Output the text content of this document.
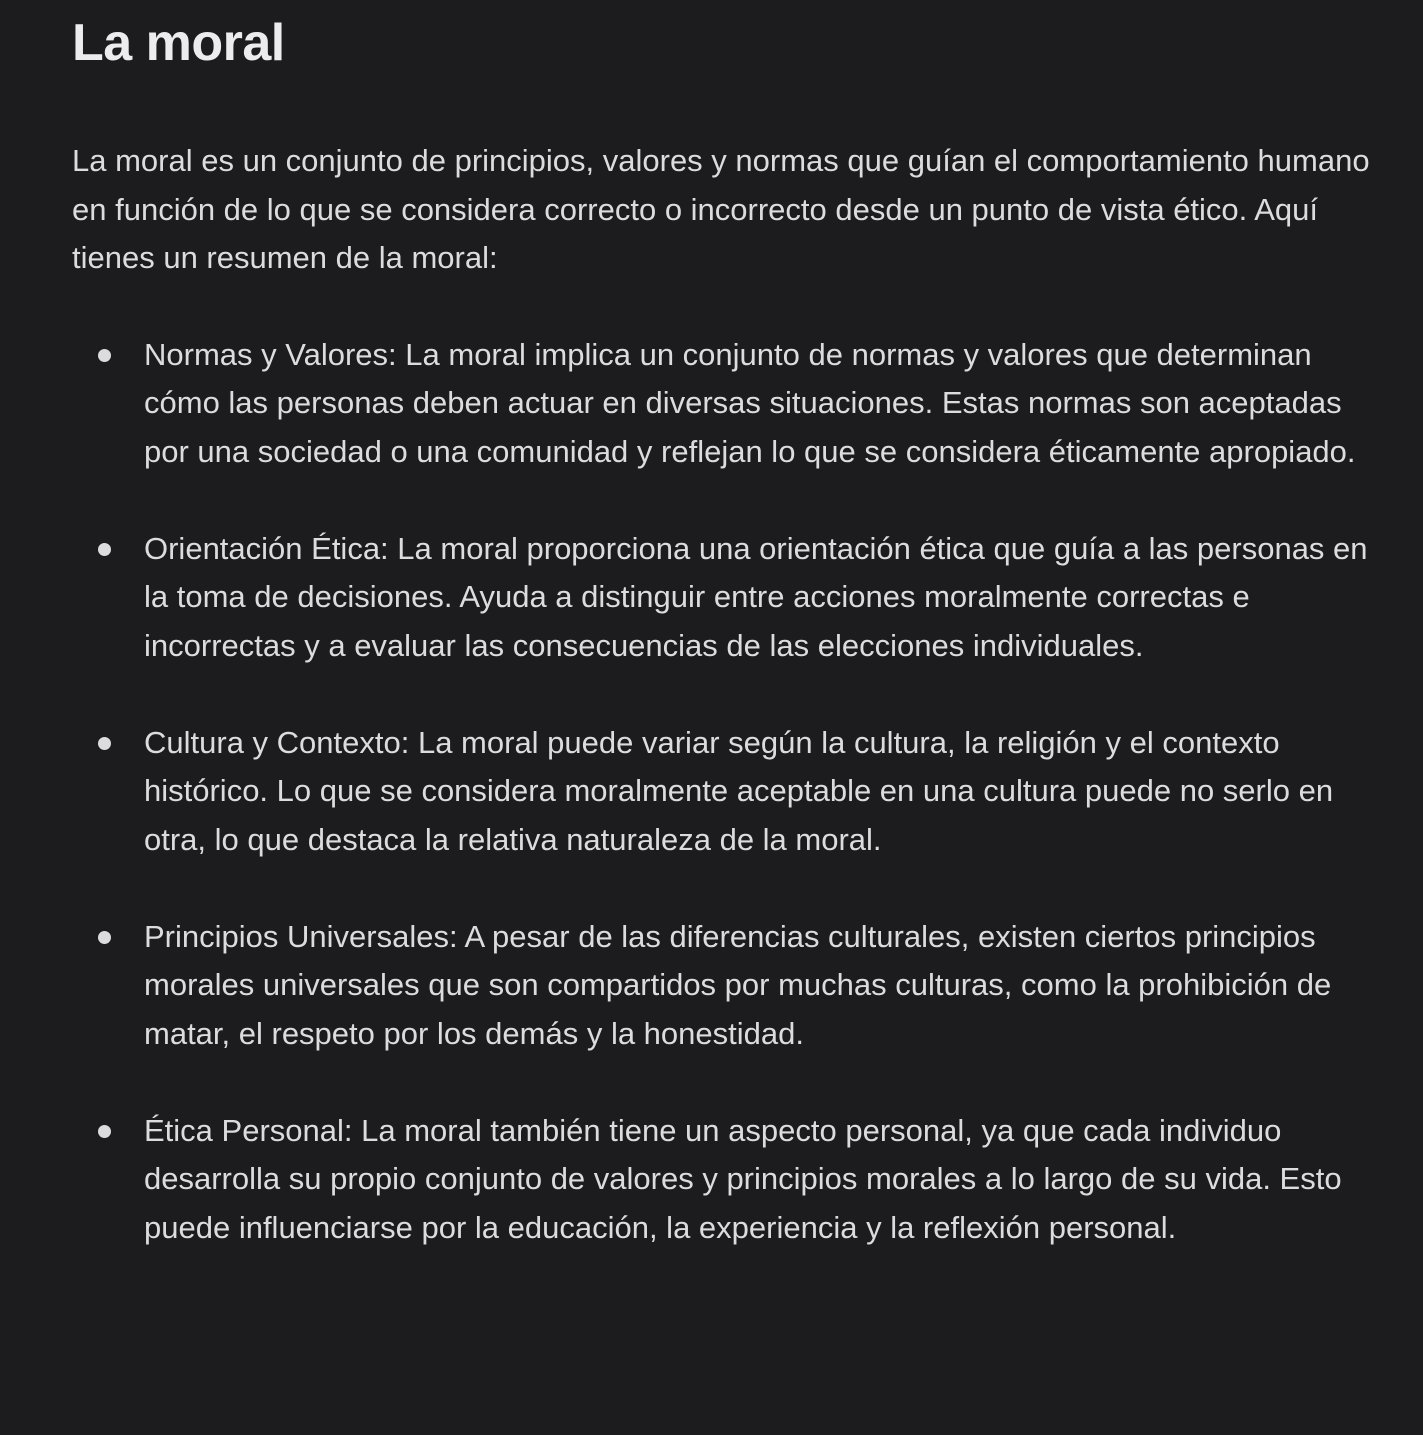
La moral

La moral es un conjunto de principios, valores y normas que guían el comportamiento humano en función de lo que se considera correcto o incorrecto desde un punto de vista ético. Aquí tienes un resumen de la moral:

Normas y Valores: La moral implica un conjunto de normas y valores que determinan cómo las personas deben actuar en diversas situaciones. Estas normas son aceptadas por una sociedad o una comunidad y reflejan lo que se considera éticamente apropiado.
Orientación Ética: La moral proporciona una orientación ética que guía a las personas en la toma de decisiones. Ayuda a distinguir entre acciones moralmente correctas e incorrectas y a evaluar las consecuencias de las elecciones individuales.
Cultura y Contexto: La moral puede variar según la cultura, la religión y el contexto histórico. Lo que se considera moralmente aceptable en una cultura puede no serlo en otra, lo que destaca la relativa naturaleza de la moral.
Principios Universales: A pesar de las diferencias culturales, existen ciertos principios morales universales que son compartidos por muchas culturas, como la prohibición de matar, el respeto por los demás y la honestidad.
Ética Personal: La moral también tiene un aspecto personal, ya que cada individuo desarrolla su propio conjunto de valores y principios morales a lo largo de su vida. Esto puede influenciarse por la educación, la experiencia y la reflexión personal.
